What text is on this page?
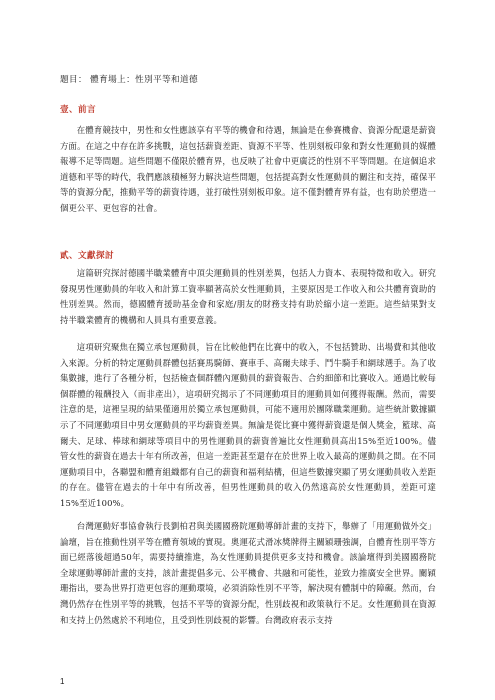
題目： 體育場上：性別平等和道德
壹、前言

在體育競技中，男性和女性應該享有平等的機會和待遇，無論是在參賽機會、資源分配還是薪資方面。在這之中存在許多挑戰，這包括薪資差距、資源不平等、性別刻板印象和對女性運動員的媒體報導不足等問題。這些問題不僅限於體育界，也反映了社會中更廣泛的性別不平等問題。在這個追求道德和平等的時代，我們應該積極努力解決這些問題，包括提高對女性運動員的關注和支持，確保平等的資源分配，推動平等的薪資待遇，並打破性別刻板印象。這不僅對體育界有益，也有助於塑造一個更公平、更包容的社會。

貳、文獻探討

這篇研究探討德國半職業體育中頂尖運動員的性別差異，包括人力資本、表現特徵和收入。研究發現男性運動員的年收入和計算工資率顯著高於女性運動員，主要原因是工作收入和公共體育資助的性別差異。然而，德國體育援助基金會和家庭/朋友的財務支持有助於縮小這一差距。這些結果對支持半職業體育的機構和人員具有重要意義。

這項研究聚焦在獨立承包運動員，旨在比較他們在比賽中的收入，不包括贊助、出場費和其他收入來源。分析的特定運動員群體包括賽馬騎師、賽車手、高爾夫球手、鬥牛騎手和網球選手。為了收集數據，進行了各種分析，包括檢查個群體內運動員的薪資報告、合約細節和比賽收入。通過比較每個群體的報酬投入（而非產出），這項研究揭示了不同運動項目的運動員如何獲得報酬。然而，需要注意的是，這裡呈現的結果僅適用於獨立承包運動員，可能不適用於團隊職業運動。這些統計數據顯示了不同運動項目中男女運動員的平均薪資差異。無論是從比賽中獲得薪資還是個人獎金，籃球、高爾夫、足球、棒球和網球等項目中的男性運動員的薪資普遍比女性運動員高出15%至近100%。儘管女性的薪資在過去十年有所改善，但這一差距甚至還存在於世界上收入最高的運動員之間。在不同運動項目中，各聯盟和體育組織都有自己的薪資和福利結構，但這些數據突顯了男女運動員收入差距的存在。儘管在過去的十年中有所改善，但男性運動員的收入仍然遠高於女性運動員，差距可達15%至近100%。

台灣運動好事協會執行長劉柏君與美國國務院運動導師計畫的支持下，舉辦了「用運動做外交」論壇，旨在推動性別平等在體育領域的實現。奧運花式滑冰獎牌得主關穎珊強調，自體育性別平等方面已經落後超過50年，需要持續推進，為女性運動員提供更多支持和機會。該論壇得到美國國務院全球運動導師計畫的支持，該計畫提倡多元、公平機會、共融和可能性，並致力推廣安全世界。關穎珊指出，要為世界打造更包容的運動環境，必須消除性別不平等，解決現有體制中的障礙。然而，台灣仍然存在性別平等的挑戰，包括不平等的資源分配，性別歧視和政策執行不足。女性運動員在資源和支持上仍然處於不利地位，且受到性別歧視的影響。台灣政府表示支持

1
